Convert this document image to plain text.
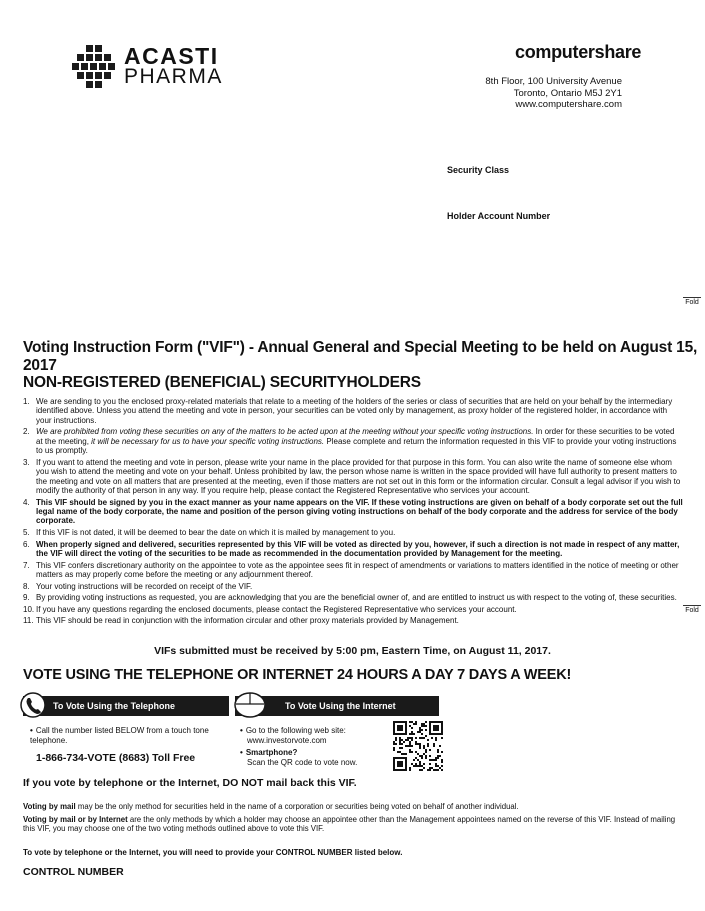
ACASTI
PHARMA
computershare
8th Floor, 100 University Avenue
Toronto, Ontario M5J 2Y1
www.computershare.com
Security Class
Holder Account Number
Fold
Voting Instruction Form ("VIF") - Annual General and Special Meeting to be held on August 15, 2017
NON-REGISTERED (BENEFICIAL) SECURITYHOLDERS
1. We are sending to you the enclosed proxy-related materials that relate to a meeting of the holders of the series or class of securities that are held on your behalf by the intermediary identified above. Unless you attend the meeting and vote in person, your securities can be voted only by management, as proxy holder of the registered holder, in accordance with your instructions.
2. We are prohibited from voting these securities on any of the matters to be acted upon at the meeting without your specific voting instructions. In order for these securities to be voted at the meeting, it will be necessary for us to have your specific voting instructions. Please complete and return the information requested in this VIF to provide your voting instructions to us promptly.
3. If you want to attend the meeting and vote in person, please write your name in the place provided for that purpose in this form. You can also write the name of someone else whom you wish to attend the meeting and vote on your behalf. Unless prohibited by law, the person whose name is written in the space provided will have full authority to present matters to the meeting and vote on all matters that are presented at the meeting, even if those matters are not set out in this form or the information circular. Consult a legal advisor if you wish to modify the authority of that person in any way. If you require help, please contact the Registered Representative who services your account.
4. This VIF should be signed by you in the exact manner as your name appears on the VIF. If these voting instructions are given on behalf of a body corporate set out the full legal name of the body corporate, the name and position of the person giving voting instructions on behalf of the body corporate and the address for service of the body corporate.
5. If this VIF is not dated, it will be deemed to bear the date on which it is mailed by management to you.
6. When properly signed and delivered, securities represented by this VIF will be voted as directed by you, however, if such a direction is not made in respect of any matter, the VIF will direct the voting of the securities to be made as recommended in the documentation provided by Management for the meeting.
7. This VIF confers discretionary authority on the appointee to vote as the appointee sees fit in respect of amendments or variations to matters identified in the notice of meeting or other matters as may properly come before the meeting or any adjournment thereof.
8. Your voting instructions will be recorded on receipt of the VIF.
9. By providing voting instructions as requested, you are acknowledging that you are the beneficial owner of, and are entitled to instruct us with respect to the voting of, these securities.
10. If you have any questions regarding the enclosed documents, please contact the Registered Representative who services your account.
11. This VIF should be read in conjunction with the information circular and other proxy materials provided by Management.
Fold
VIFs submitted must be received by 5:00 pm, Eastern Time, on August 11, 2017.
VOTE USING THE TELEPHONE OR INTERNET 24 HOURS A DAY 7 DAYS A WEEK!
To Vote Using the Telephone
• Call the number listed BELOW from a touch tone telephone.
1-866-734-VOTE (8683) Toll Free
To Vote Using the Internet
• Go to the following web site:
www.investorvote.com
• Smartphone?
Scan the QR code to vote now.
If you vote by telephone or the Internet, DO NOT mail back this VIF.
Voting by mail may be the only method for securities held in the name of a corporation or securities being voted on behalf of another individual.
Voting by mail or by Internet are the only methods by which a holder may choose an appointee other than the Management appointees named on the reverse of this VIF. Instead of mailing this VIF, you may choose one of the two voting methods outlined above to vote this VIF.
To vote by telephone or the Internet, you will need to provide your CONTROL NUMBER listed below.
CONTROL NUMBER
